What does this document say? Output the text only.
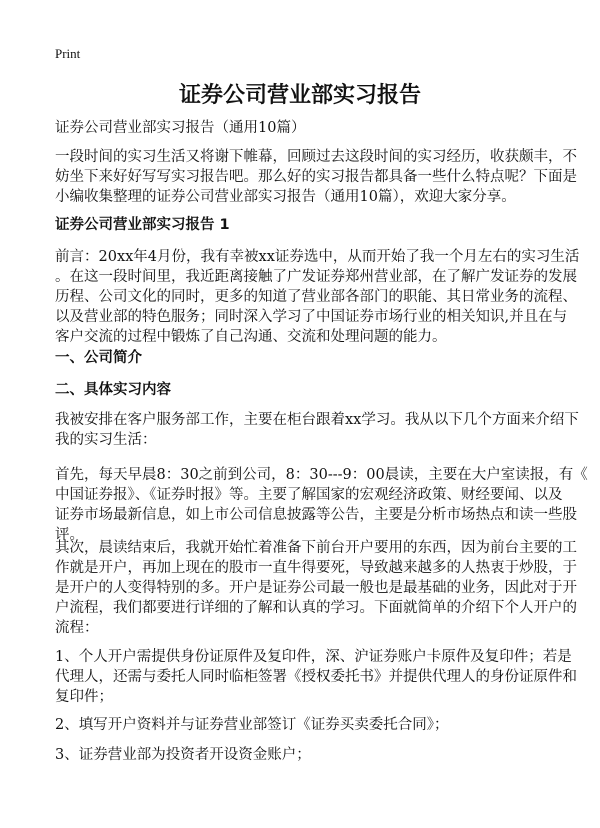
Print
证券公司营业部实习报告
证券公司营业部实习报告（通用10篇）
一段时间的实习生活又将谢下帷幕，回顾过去这段时间的实习经历，收获颇丰，不
妨坐下来好好写写实习报告吧。那么好的实习报告都具备一些什么特点呢？下面是
小编收集整理的证券公司营业部实习报告（通用10篇），欢迎大家分享。
证券公司营业部实习报告 1
前言：20xx年4月份，我有幸被xx证券选中，从而开始了我一个月左右的实习生活
。在这一段时间里，我近距离接触了广发证券郑州营业部，在了解广发证券的发展
历程、公司文化的同时，更多的知道了营业部各部门的职能、其日常业务的流程、
以及营业部的特色服务；同时深入学习了中国证券市场行业的相关知识,并且在与
客户交流的过程中锻炼了自己沟通、交流和处理问题的能力。
一、公司简介
二、具体实习内容
我被安排在客户服务部工作，主要在柜台跟着xx学习。我从以下几个方面来介绍下
我的实习生活：
首先，每天早晨8：30之前到公司，8：30---9：00晨读，主要在大户室读报，有《
中国证券报》、《证券时报》等。主要了解国家的宏观经济政策、财经要闻、以及
证券市场最新信息，如上市公司信息披露等公告，主要是分析市场热点和读一些股
评。
其次，晨读结束后，我就开始忙着准备下前台开户要用的东西，因为前台主要的工
作就是开户，再加上现在的股市一直牛得要死，导致越来越多的人热衷于炒股，于
是开户的人变得特别的多。开户是证券公司最一般也是最基础的业务，因此对于开
户流程，我们都要进行详细的了解和认真的学习。下面就简单的介绍下个人开户的
流程：
1、个人开户需提供身份证原件及复印件，深、沪证券账户卡原件及复印件；若是
代理人，还需与委托人同时临柜签署《授权委托书》并提供代理人的身份证原件和
复印件；
2、填写开户资料并与证券营业部签订《证券买卖委托合同》；
3、证券营业部为投资者开设资金账户；
